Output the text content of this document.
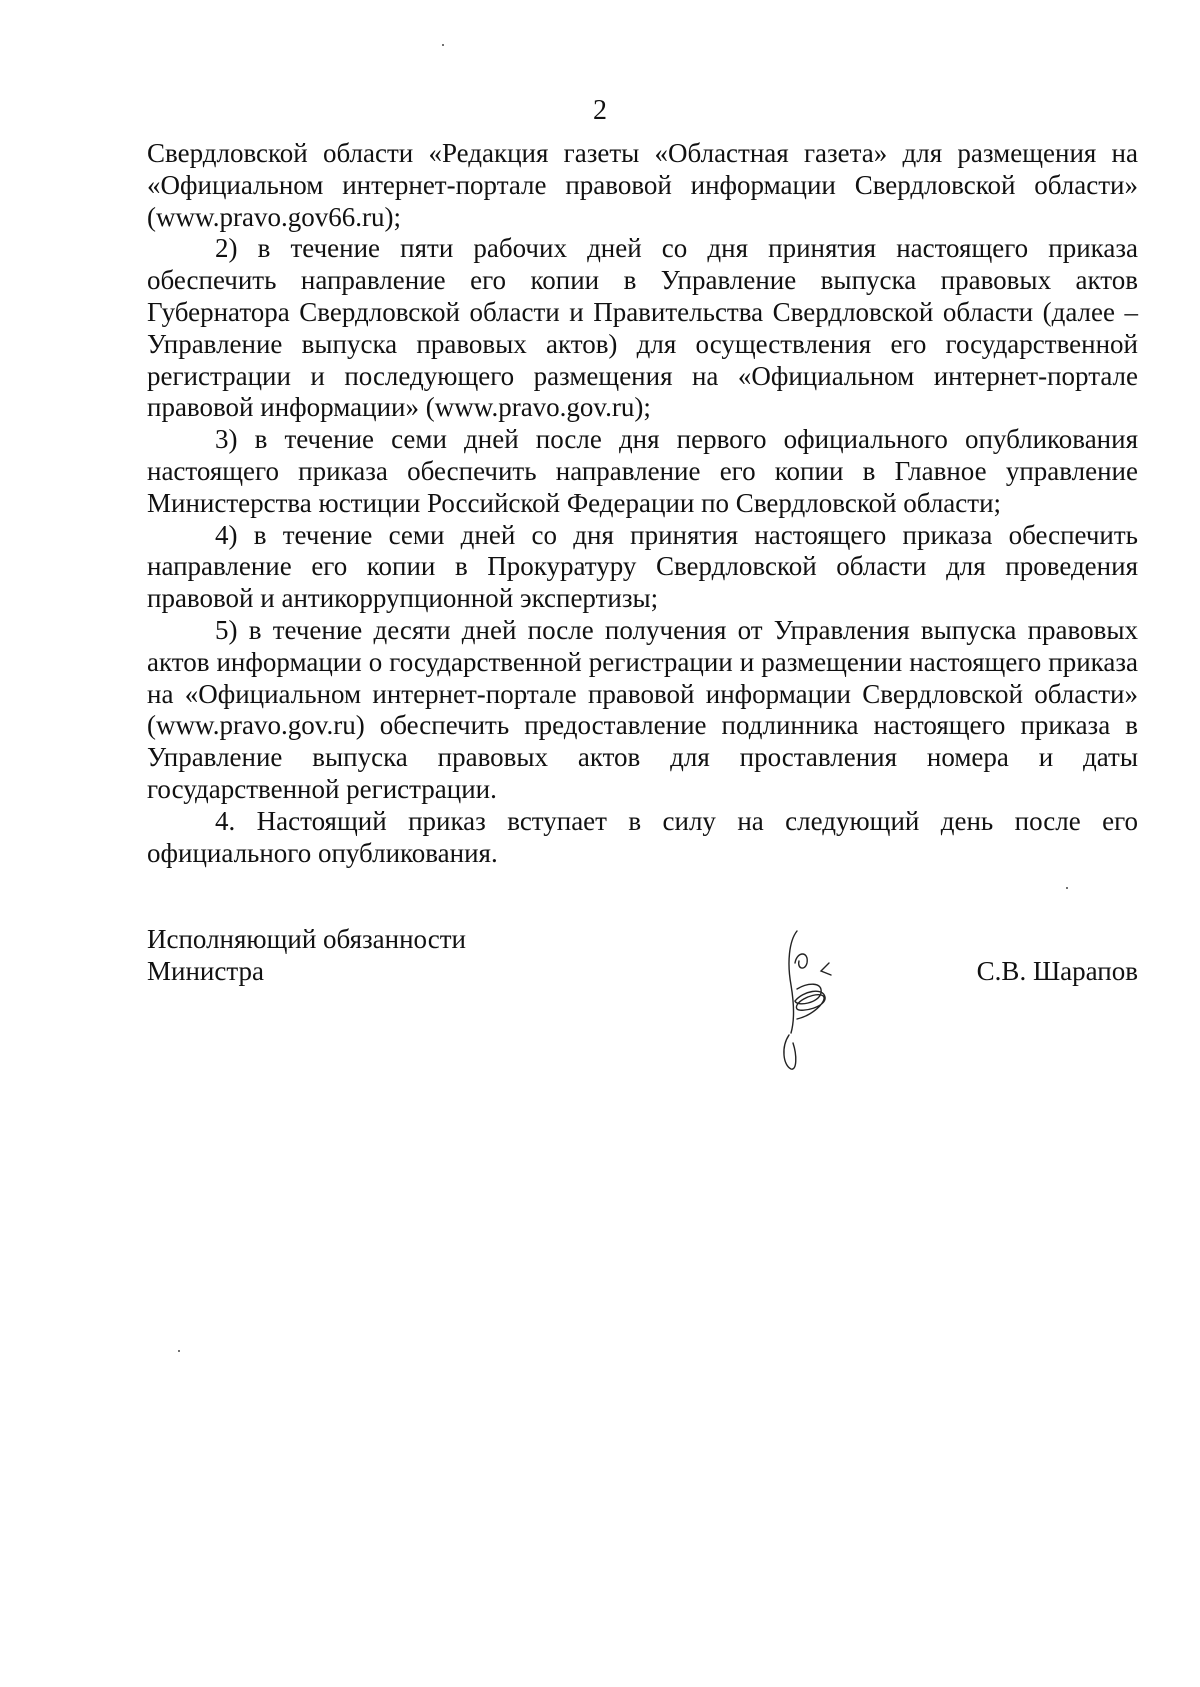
2

Свердловской области «Редакция газеты «Областная газета» для размещения на «Официальном интернет-портале правовой информации Свердловской области» (www.pravo.gov66.ru);

2) в течение пяти рабочих дней со дня принятия настоящего приказа обеспечить направление его копии в Управление выпуска правовых актов Губернатора Свердловской области и Правительства Свердловской области (далее – Управление выпуска правовых актов) для осуществления его государственной регистрации и последующего размещения на «Официальном интернет-портале правовой информации» (www.pravo.gov.ru);

3) в течение семи дней после дня первого официального опубликования настоящего приказа обеспечить направление его копии в Главное управление Министерства юстиции Российской Федерации по Свердловской области;

4) в течение семи дней со дня принятия настоящего приказа обеспечить направление его копии в Прокуратуру Свердловской области для проведения правовой и антикоррупционной экспертизы;

5) в течение десяти дней после получения от Управления выпуска правовых актов информации о государственной регистрации и размещении настоящего приказа на «Официальном интернет-портале правовой информации Свердловской области» (www.pravo.gov.ru) обеспечить предоставление подлинника настоящего приказа в Управление выпуска правовых актов для проставления номера и даты государственной регистрации.

4. Настоящий приказ вступает в силу на следующий день после его официального опубликования.

Исполняющий обязанности
Министра	С.В. Шарапов
